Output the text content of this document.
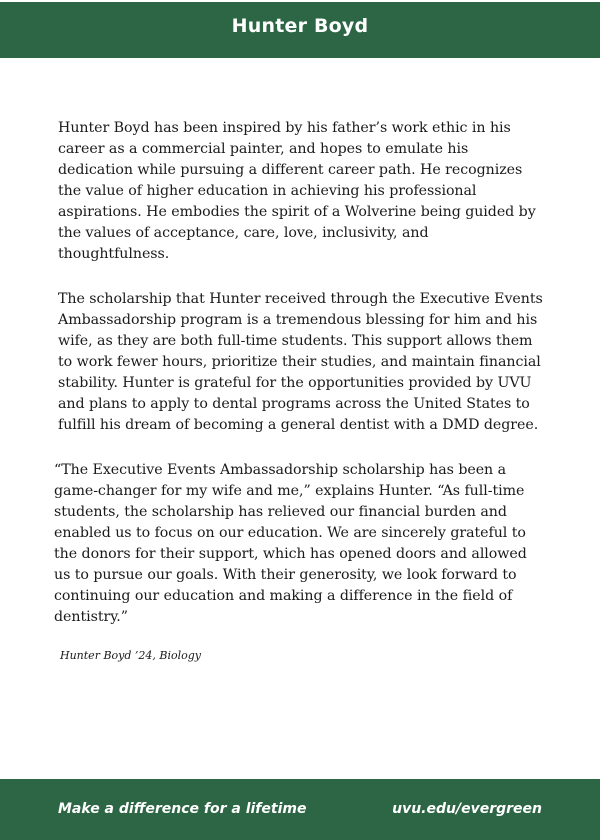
Hunter Boyd

Hunter Boyd has been inspired by his father’s work ethic in his career as a commercial painter, and hopes to emulate his dedication while pursuing a different career path. He recognizes the value of higher education in achieving his professional aspirations. He embodies the spirit of a Wolverine being guided by the values of acceptance, care, love, inclusivity, and thoughtfulness.

The scholarship that Hunter received through the Executive Events Ambassadorship program is a tremendous blessing for him and his wife, as they are both full-time students. This support allows them to work fewer hours, prioritize their studies, and maintain financial stability. Hunter is grateful for the opportunities provided by UVU and plans to apply to dental programs across the United States to fulfill his dream of becoming a general dentist with a DMD degree.

“The Executive Events Ambassadorship scholarship has been a game-changer for my wife and me,” explains Hunter. “As full-time students, the scholarship has relieved our financial burden and enabled us to focus on our education. We are sincerely grateful to the donors for their support, which has opened doors and allowed us to pursue our goals. With their generosity, we look forward to continuing our education and making a difference in the field of dentistry.”

Hunter Boyd ’24, Biology
Make a difference for a lifetime	uvu.edu/evergreen
